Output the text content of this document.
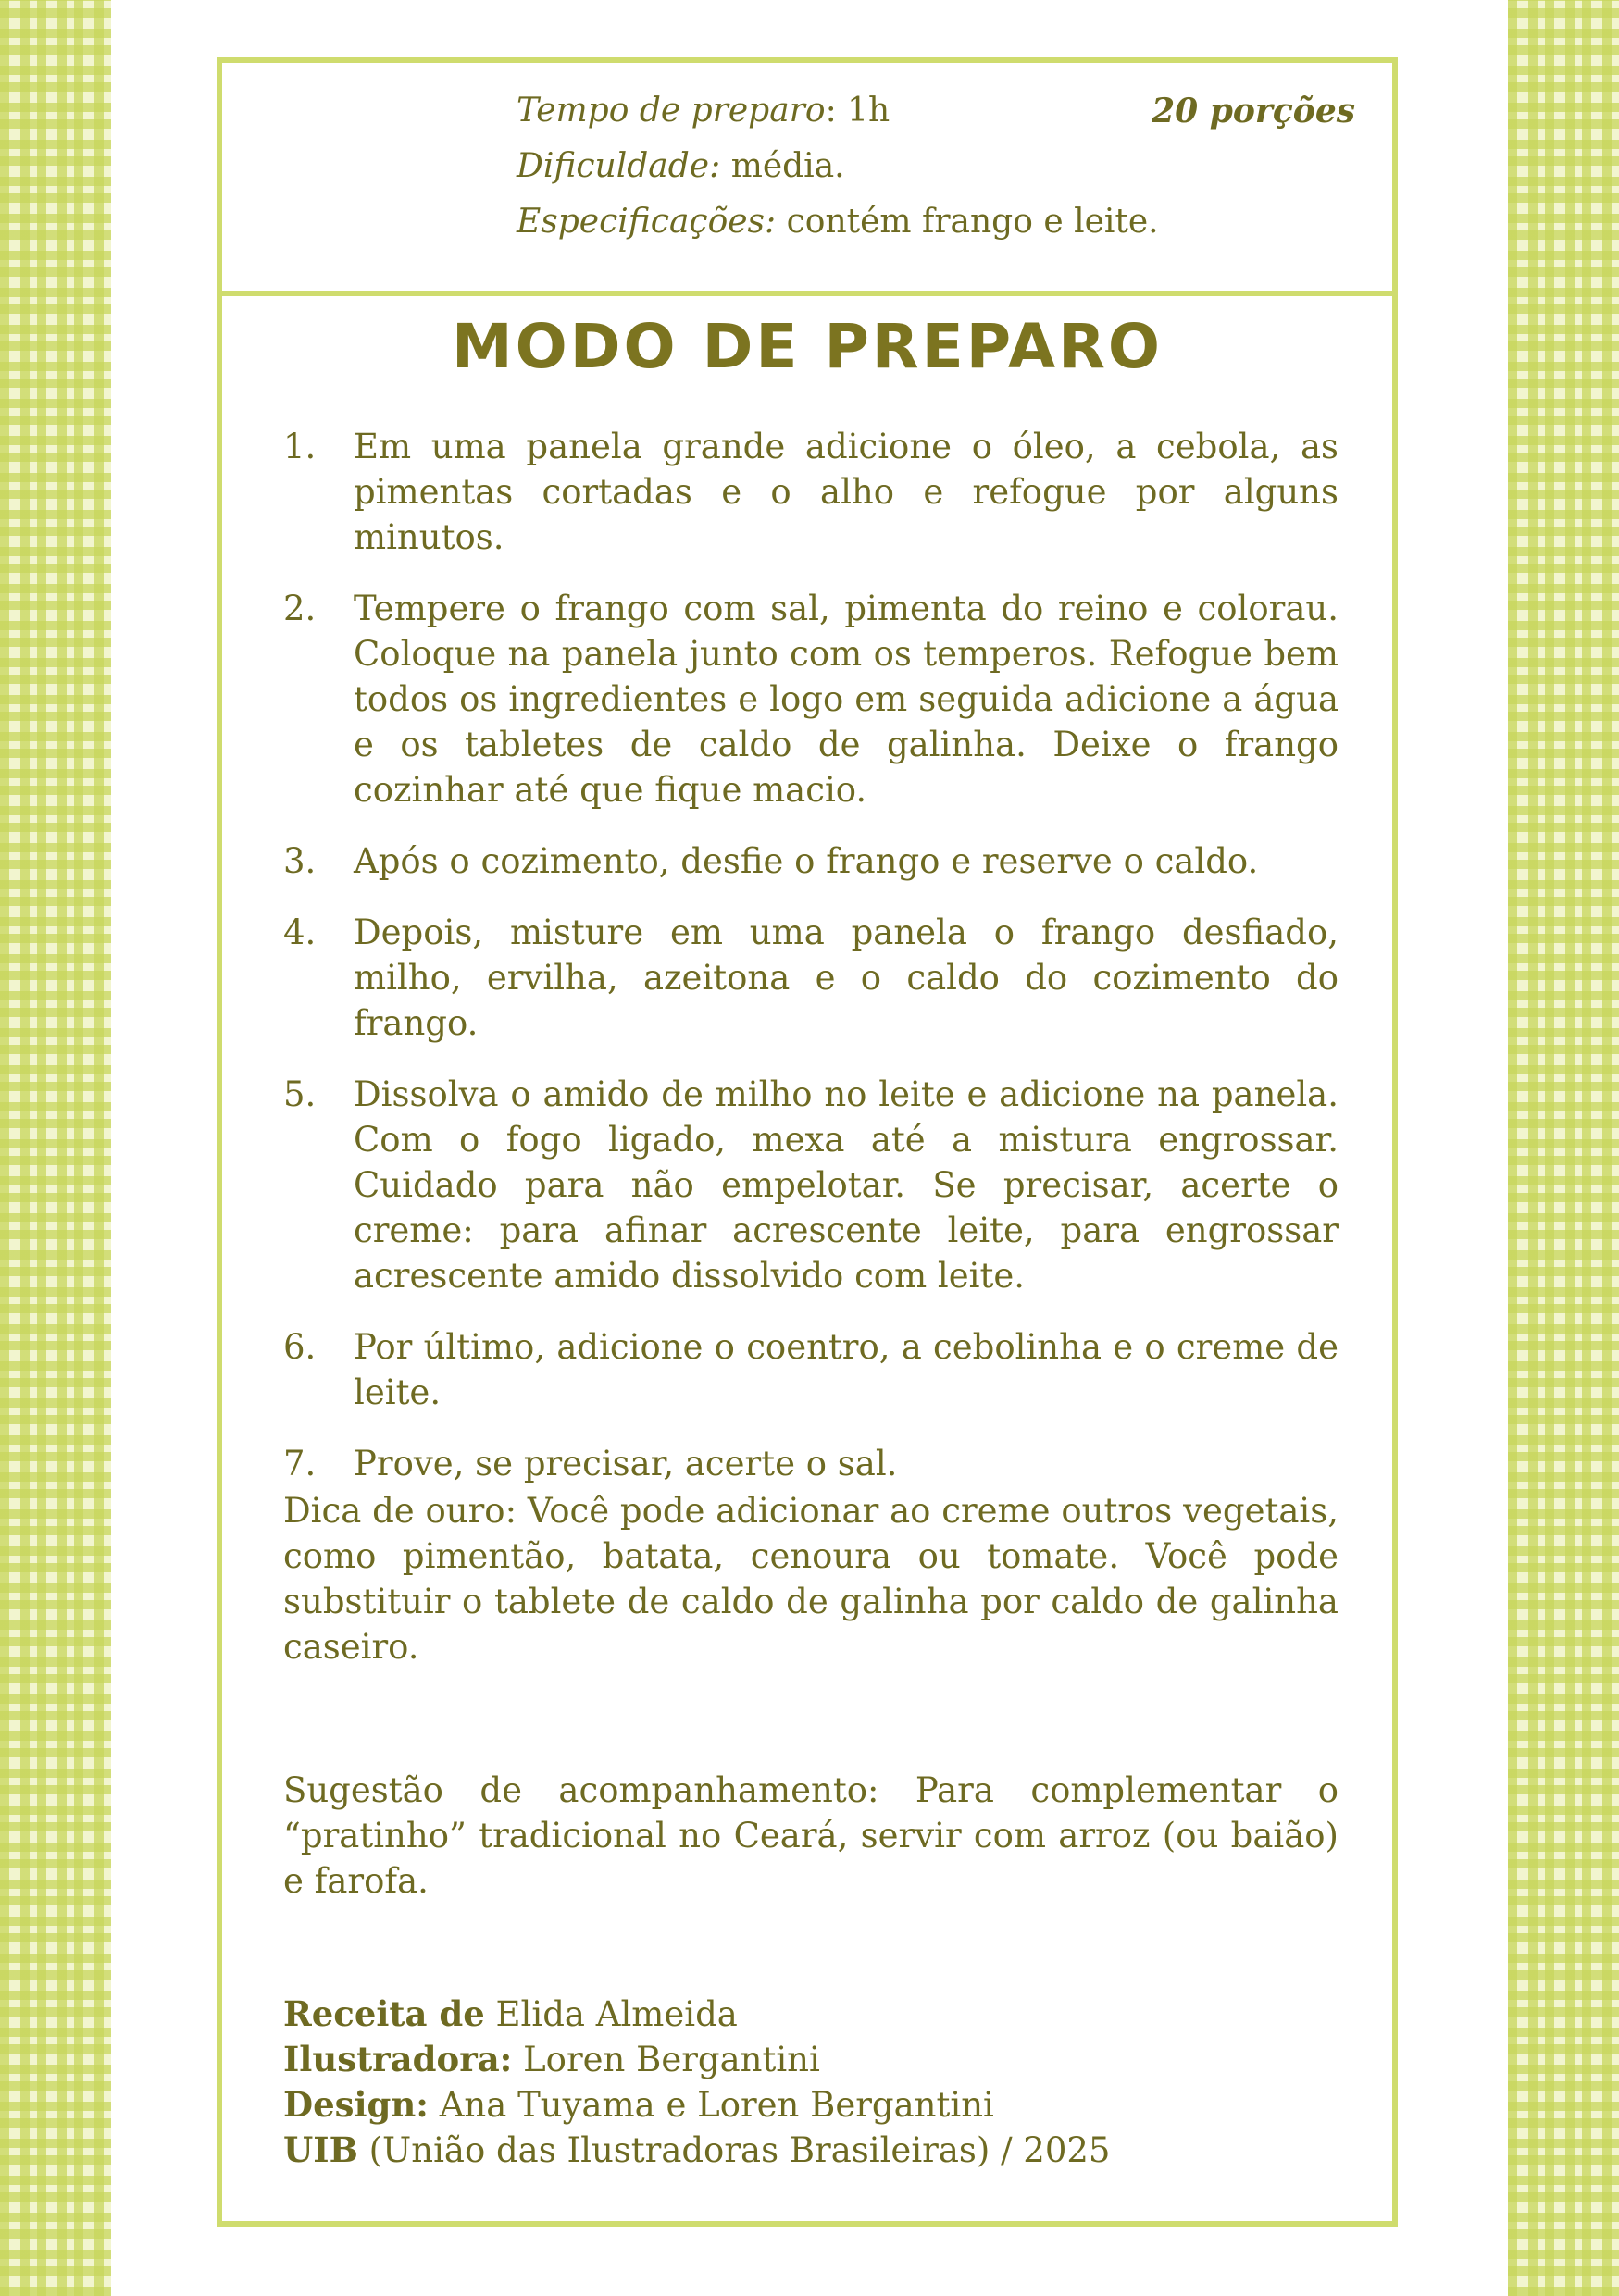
Tempo de preparo: 1h
Dificuldade: média.
Especificações: contém frango e leite.
20 porções
MODO DE PREPARO
1.	Em uma panela grande adicione o óleo, a cebola, as pimentas cortadas e o alho e refogue por alguns minutos.
2.	Tempere o frango com sal, pimenta do reino e colorau. Coloque na panela junto com os temperos. Refogue bem todos os ingredientes e logo em seguida adicione a água e os tabletes de caldo de galinha. Deixe o frango cozinhar até que fique macio.
3.	Após o cozimento, desfie o frango e reserve o caldo.
4.	Depois, misture em uma panela o frango desfiado, milho, ervilha, azeitona e o caldo do cozimento do frango.
5.	Dissolva o amido de milho no leite e adicione na panela. Com o fogo ligado, mexa até a mistura engrossar. Cuidado para não empelotar. Se precisar, acerte o creme: para afinar acrescente leite, para engrossar acrescente amido dissolvido com leite.
6.	Por último, adicione o coentro, a cebolinha e o creme de leite.
7.	Prove, se precisar, acerte o sal.

Dica de ouro: Você pode adicionar ao creme outros vegetais, como pimentão, batata, cenoura ou tomate. Você pode substituir o tablete de caldo de galinha por caldo de galinha caseiro.

Sugestão de acompanhamento: Para complementar o “pratinho” tradicional no Ceará, servir com arroz (ou baião) e farofa.

Receita de Elida Almeida
Ilustradora: Loren Bergantini
Design: Ana Tuyama e Loren Bergantini
UIB (União das Ilustradoras Brasileiras) / 2025
